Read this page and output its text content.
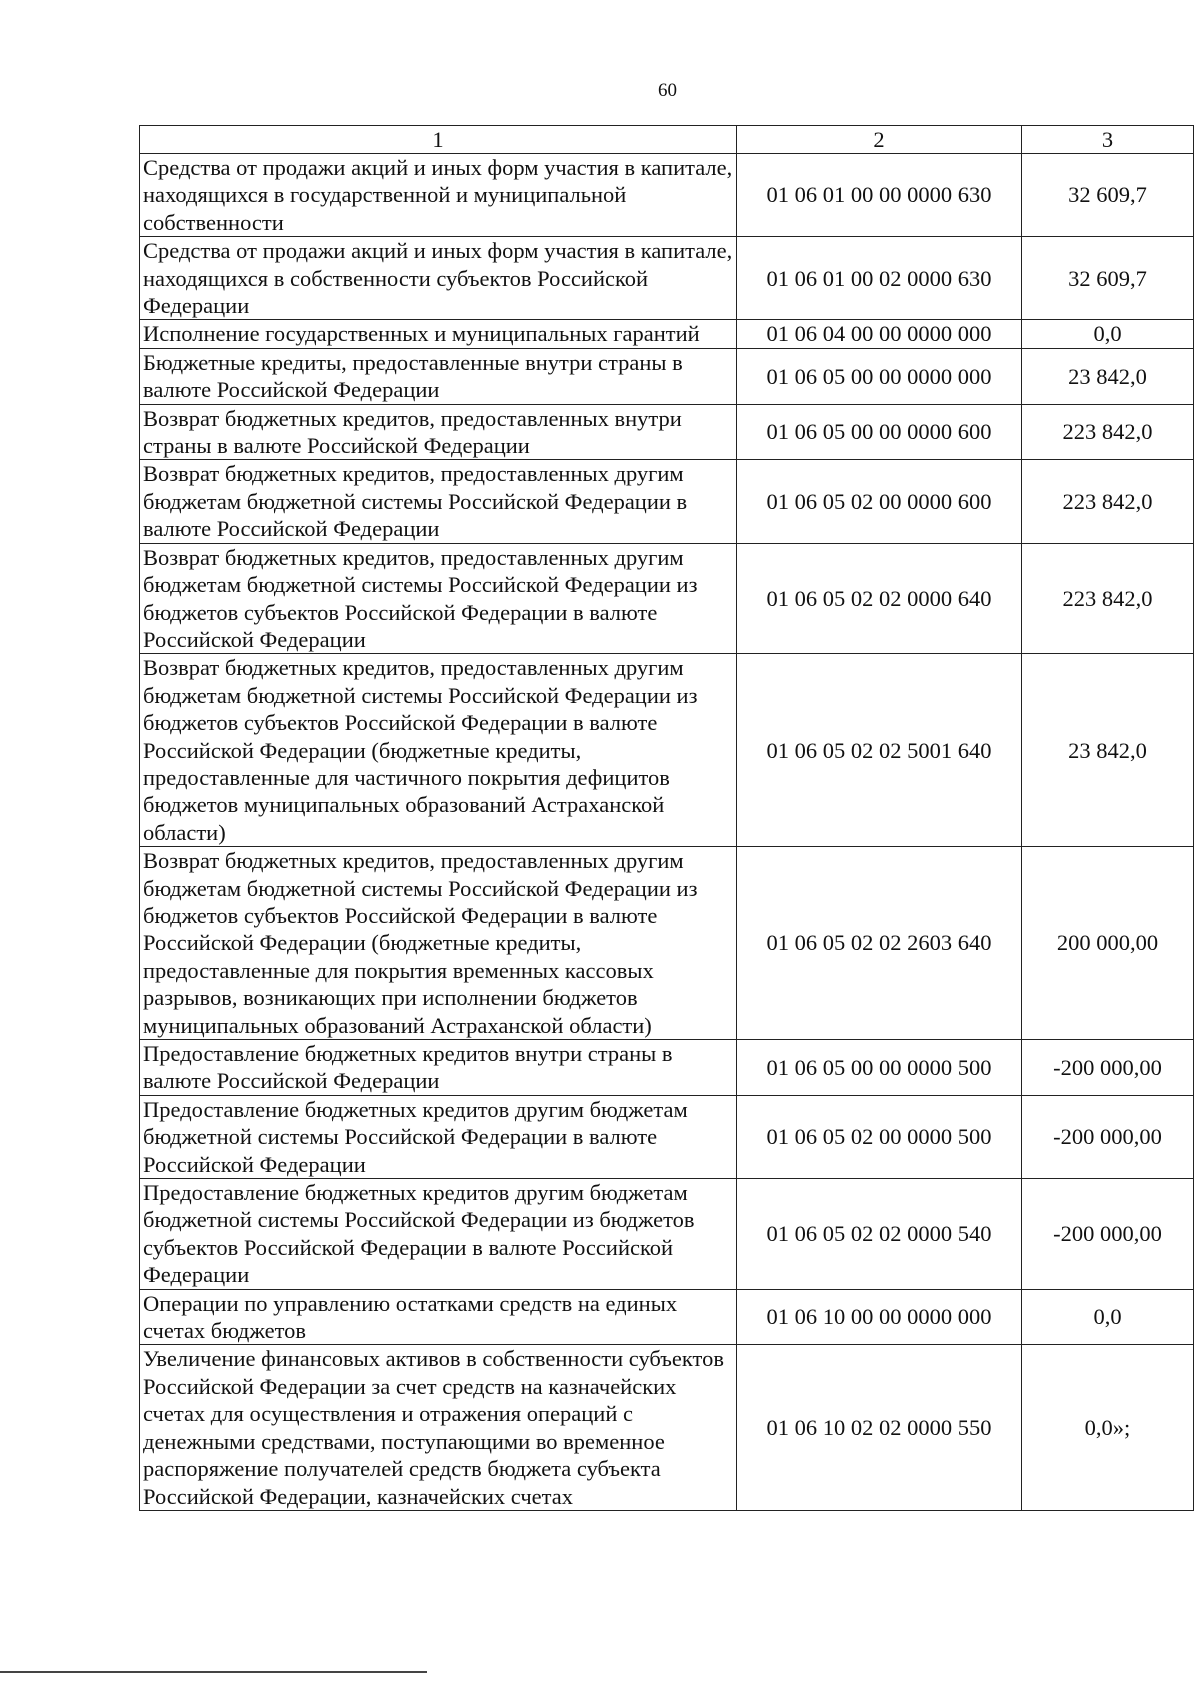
60
1	2	3
Средства от продажи акций и иных форм участия в капитале, находящихся в государственной и муниципальной собственности	01 06 01 00 00 0000 630	32 609,7
Средства от продажи акций и иных форм участия в капитале, находящихся в собственности субъектов Российской Федерации	01 06 01 00 02 0000 630	32 609,7
Исполнение государственных и муниципальных гарантий	01 06 04 00 00 0000 000	0,0
Бюджетные кредиты, предоставленные внутри страны в валюте Российской Федерации	01 06 05 00 00 0000 000	23 842,0
Возврат бюджетных кредитов, предоставленных внутри страны в валюте Российской Федерации	01 06 05 00 00 0000 600	223 842,0
Возврат бюджетных кредитов, предоставленных другим бюджетам бюджетной системы Российской Федерации в валюте Российской Федерации	01 06 05 02 00 0000 600	223 842,0
Возврат бюджетных кредитов, предоставленных другим бюджетам бюджетной системы Российской Федерации из бюджетов субъектов Российской Федерации в валюте Российской Федерации	01 06 05 02 02 0000 640	223 842,0
Возврат бюджетных кредитов, предоставленных другим бюджетам бюджетной системы Российской Федерации из бюджетов субъектов Российской Федерации в валюте Российской Федерации (бюджетные кредиты, предоставленные для частичного покрытия дефицитов бюджетов муниципальных образований Астраханской области)	01 06 05 02 02 5001 640	23 842,0
Возврат бюджетных кредитов, предоставленных другим бюджетам бюджетной системы Российской Федерации из бюджетов субъектов Российской Федерации в валюте Российской Федерации (бюджетные кредиты, предоставленные для покрытия временных кассовых разрывов, возникающих при исполнении бюджетов муниципальных образований Астраханской области)	01 06 05 02 02 2603 640	200 000,00
Предоставление бюджетных кредитов внутри страны в валюте Российской Федерации	01 06 05 00 00 0000 500	-200 000,00
Предоставление бюджетных кредитов другим бюджетам бюджетной системы Российской Федерации в валюте Российской Федерации	01 06 05 02 00 0000 500	-200 000,00
Предоставление бюджетных кредитов другим бюджетам бюджетной системы Российской Федерации из бюджетов субъектов Российской Федерации в валюте Российской Федерации	01 06 05 02 02 0000 540	-200 000,00
Операции по управлению остатками средств на единых счетах бюджетов	01 06 10 00 00 0000 000	0,0
Увеличение финансовых активов в собственности субъектов Российской Федерации за счет средств на казначейских счетах для осуществления и отражения операций с денежными средствами, поступающими во временное распоряжение получателей средств бюджета субъекта Российской Федерации, казначейских счетах	01 06 10 02 02 0000 550	0,0»;
